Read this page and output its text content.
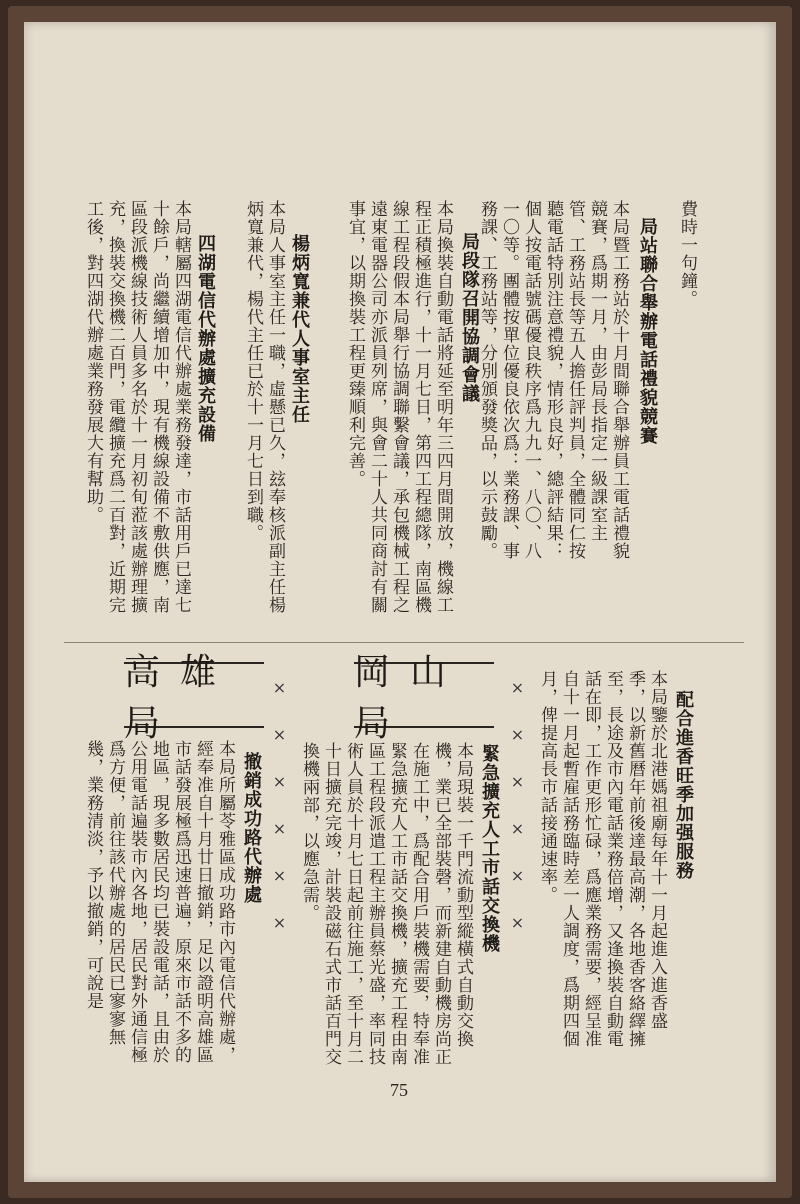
費時一句鐘。
局站聯合舉辦電話禮貌競賽
本局暨工務站於十月間聯合舉辦員工電話禮貌競賽，爲期一月，由彭局長指定一級課室主管、工務站長等五人擔任評判員，全體同仁按聽電話特別注意禮貌，情形良好，總評結果：個人按電話號碼優良秩序爲九九一、八〇、八一〇等。團體按單位優良依次爲：業務課、事務課、工務站等，分別頒發獎品，以示鼓勵。
局段隊召開協調會議
本局換裝自動電話將延至明年三四月間開放，機線工程正積極進行，十一月七日，第四工程總隊，南區機線工程段假本局舉行協調聯繫會議，承包機械工程之遠東電器公司亦派員列席，與會二十人共同商討有關事宜，以期換裝工程更臻順利完善。
楊炳寬兼代人事室主任
本局人事室主任一職，虛懸已久，玆奉核派副主任楊炳寬兼代，楊代主任已於十一月七日到職。
四湖電信代辦處擴充設備
本局轄屬四湖電信代辦處業務發達，市話用戶已達七十餘戶，尚繼續增加中，現有機線設備不敷供應，南區段派機線技術人員多名於十一月初旬蒞該處辦理擴充，換裝交換機二百門，電纜擴充爲二百對，近期完工後，對四湖代辦處業務發展大有幫助。
配合進香旺季加强服務
本局鑒於北港媽祖廟每年十一月起進入進香盛季，以新舊曆年前後達最高潮，各地香客絡繹擁至，長途及市內電話業務倍增，又逢換裝自動電話在即，工作更形忙碌，爲應業務需要，經呈准自十一月起暫雇話務臨時差一人調度，爲期四個月，俾提高長市話接通速率。
××××××
岡山局
緊急擴充人工市話交換機
本局現裝一千門流動型縱橫式自動交換機，業已全部裝磬，而新建自動機房尚正在施工中，爲配合用戶裝機需要，特奉准緊急擴充人工市話交換機，擴充工程由南區工程段派遣工程主辦員蔡光盛，率同技術人員於十月七日起前往施工，至十月二十日擴充完竣，計裝設磁石式市話百門交換機兩部，以應急需。
××××××
高雄局
撤銷成功路代辦處
本局所屬苓雅區成功路市內電信代辦處，經奉准自十月廿日撤銷，足以證明高雄區市話發展極爲迅速普遍，原來市話不多的地區，現多數居民均已裝設電話，且由於公用電話遍裝市內各地，居民對外通信極爲方便，前往該代辦處的居民已寥寥無幾，業務清淡，予以撤銷，可說是
75
